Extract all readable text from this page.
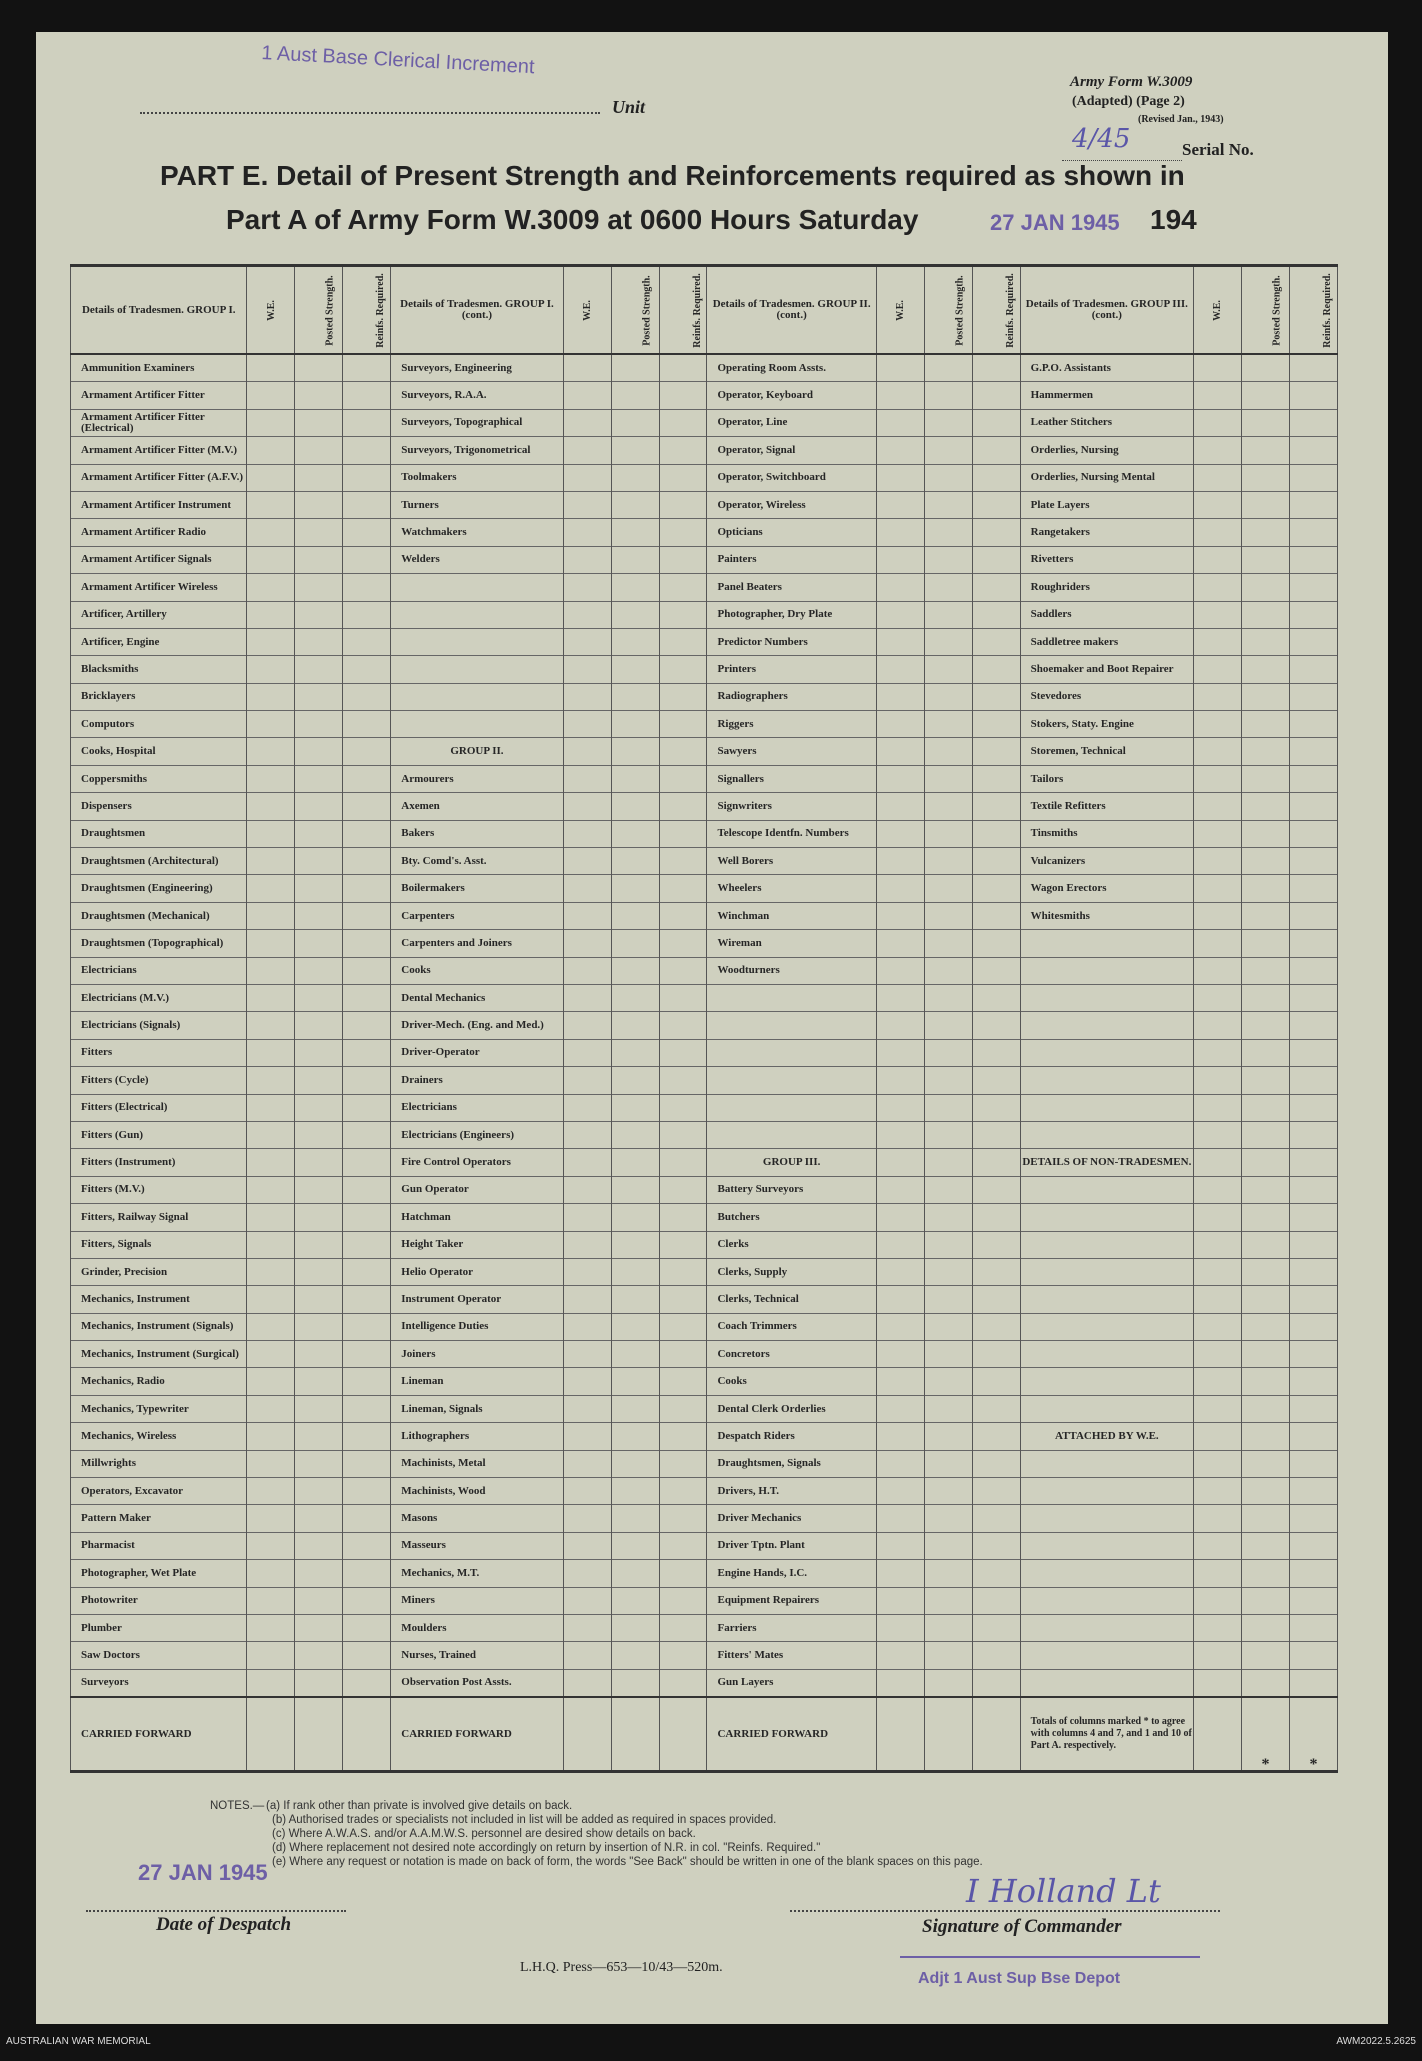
1 Aust Base Clerical Increment
Unit
Army Form W.3009
(Adapted) (Page 2)
(Revised Jan., 1943)
4/45	Serial No.
PART E. Detail of Present Strength and Reinforcements required as shown in
Part A of Army Form W.3009 at 0600 Hours Saturday	27 JAN 1945 194
Details of Tradesmen. GROUP I.	W.E.	Posted Strength.	Reinfs. Required.	Details of Tradesmen. GROUP I. (cont.)	W.E.	Posted Strength.	Reinfs. Required.	Details of Tradesmen. GROUP II. (cont.)	W.E.	Posted Strength.	Reinfs. Required.	Details of Tradesmen. GROUP III. (cont.)	W.E.	Posted Strength.	Reinfs. Required.
Ammunition Examiners				Surveyors, Engineering				Operating Room Assts.				G.P.O. Assistants			
Armament Artificer Fitter				Surveyors, R.A.A.				Operator, Keyboard				Hammermen			
Armament Artificer Fitter (Electrical)				Surveyors, Topographical				Operator, Line				Leather Stitchers			
Armament Artificer Fitter (M.V.)				Surveyors, Trigonometrical				Operator, Signal				Orderlies, Nursing			
Armament Artificer Fitter (A.F.V.)				Toolmakers				Operator, Switchboard				Orderlies, Nursing Mental			
Armament Artificer Instrument				Turners				Operator, Wireless				Plate Layers			
Armament Artificer Radio				Watchmakers				Opticians				Rangetakers			
Armament Artificer Signals				Welders				Painters				Rivetters			
Armament Artificer Wireless								Panel Beaters				Roughriders			
Artificer, Artillery								Photographer, Dry Plate				Saddlers			
Artificer, Engine								Predictor Numbers				Saddletree makers			
Blacksmiths								Printers				Shoemaker and Boot Repairer			
Bricklayers								Radiographers				Stevedores			
Computors								Riggers				Stokers, Staty. Engine			
Cooks, Hospital				GROUP II.				Sawyers				Storemen, Technical			
Coppersmiths				Armourers				Signallers				Tailors			
Dispensers				Axemen				Signwriters				Textile Refitters			
Draughtsmen				Bakers				Telescope Identfn. Numbers				Tinsmiths			
Draughtsmen (Architectural)				Bty. Comd's. Asst.				Well Borers				Vulcanizers			
Draughtsmen (Engineering)				Boilermakers				Wheelers				Wagon Erectors			
Draughtsmen (Mechanical)				Carpenters				Winchman				Whitesmiths			
Draughtsmen (Topographical)				Carpenters and Joiners				Wireman							
Electricians				Cooks				Woodturners							
Electricians (M.V.)				Dental Mechanics											
Electricians (Signals)				Driver-Mech. (Eng. and Med.)											
Fitters				Driver-Operator											
Fitters (Cycle)				Drainers											
Fitters (Electrical)				Electricians											
Fitters (Gun)				Electricians (Engineers)											
Fitters (Instrument)				Fire Control Operators				GROUP III.				DETAILS OF NON-TRADESMEN.			
Fitters (M.V.)				Gun Operator				Battery Surveyors							
Fitters, Railway Signal				Hatchman				Butchers							
Fitters, Signals				Height Taker				Clerks							
Grinder, Precision				Helio Operator				Clerks, Supply							
Mechanics, Instrument				Instrument Operator				Clerks, Technical							
Mechanics, Instrument (Signals)				Intelligence Duties				Coach Trimmers							
Mechanics, Instrument (Surgical)				Joiners				Concretors							
Mechanics, Radio				Lineman				Cooks							
Mechanics, Typewriter				Lineman, Signals				Dental Clerk Orderlies							
Mechanics, Wireless				Lithographers				Despatch Riders				ATTACHED BY W.E.			
Millwrights				Machinists, Metal				Draughtsmen, Signals							
Operators, Excavator				Machinists, Wood				Drivers, H.T.							
Pattern Maker				Masons				Driver Mechanics							
Pharmacist				Masseurs				Driver Tptn. Plant							
Photographer, Wet Plate				Mechanics, M.T.				Engine Hands, I.C.							
Photowriter				Miners				Equipment Repairers							
Plumber				Moulders				Farriers							
Saw Doctors				Nurses, Trained				Fitters' Mates							
Surveyors				Observation Post Assts.				Gun Layers							
CARRIED FORWARD				CARRIED FORWARD				CARRIED FORWARD				Totals of columns marked * to agree with columns 4 and 7, and 1 and 10 of Part A. respectively.		*	*
NOTES.— (a) If rank other than private is involved give details on back.
(b) Authorised trades or specialists not included in list will be added as required in spaces provided.
(c) Where A.W.A.S. and/or A.A.M.W.S. personnel are desired show details on back.
(d) Where replacement not desired note accordingly on return by insertion of N.R. in col. "Reinfs. Required."
(e) Where any request or notation is made on back of form, the words "See Back" should be written in one of the blank spaces on this page.
27 JAN 1945
Date of Despatch
I Holland Lt
Signature of Commander
L.H.Q. Press—653—10/43—520m.
Adjt 1 Aust Sup Bse Depot
AUSTRALIAN WAR MEMORIAL	AWM2022.5.2625
